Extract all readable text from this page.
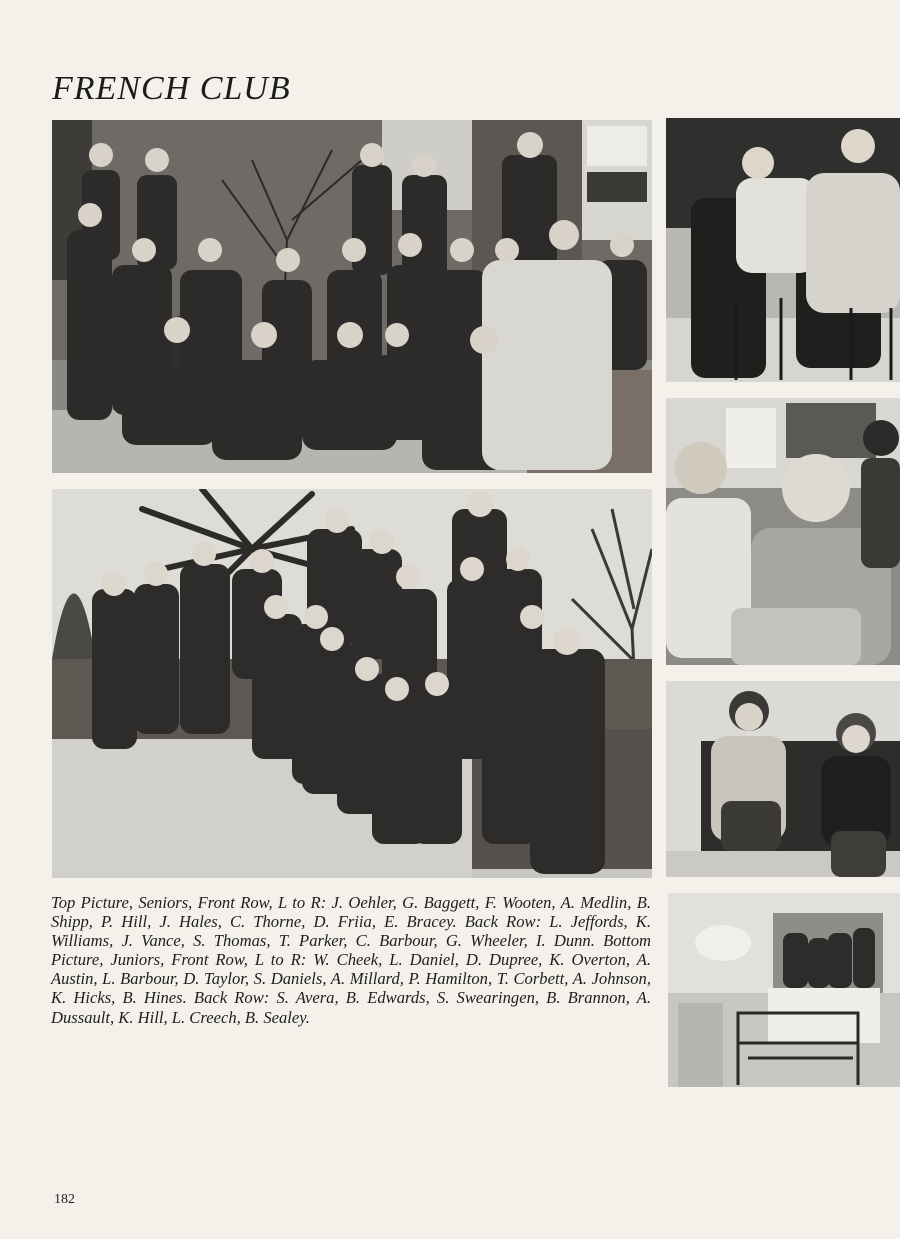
FRENCH CLUB

Top Picture, Seniors, Front Row, L to R: J. Oehler, G. Baggett, F. Wooten, A. Medlin, B. Shipp, P. Hill, J. Hales, C. Thorne, D. Friia, E. Bracey. Back Row: L. Jeffords, K. Williams, J. Vance, S. Thomas, T. Parker, C. Barbour, G. Wheeler, I. Dunn. Bottom Picture, Juniors, Front Row, L to R: W. Cheek, L. Daniel, D. Dupree, K. Overton, A. Austin, L. Barbour, D. Taylor, S. Daniels, A. Millard, P. Hamilton, T. Corbett, A. Johnson, K. Hicks, B. Hines. Back Row: S. Avera, B. Edwards, S. Swearingen, B. Brannon, A. Dussault, K. Hill, L. Creech, B. Sealey.

182
